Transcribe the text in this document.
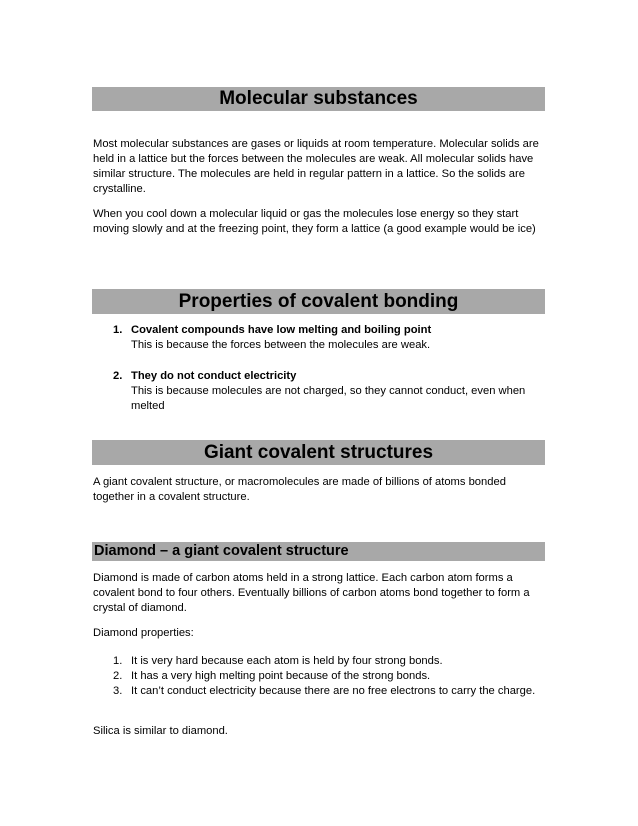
Molecular substances

Most molecular substances are gases or liquids at room temperature. Molecular solids are held in a lattice but the forces between the molecules are weak. All molecular solids have similar structure. The molecules are held in regular pattern in a lattice. So the solids are crystalline.

When you cool down a molecular liquid or gas the molecules lose energy so they start moving slowly and at the freezing point, they form a lattice (a good example would be ice)

Properties of covalent bonding
1. Covalent compounds have low melting and boiling point
This is because the forces between the molecules are weak.
2. They do not conduct electricity
This is because molecules are not charged, so they cannot conduct, even when melted
Giant covalent structures

A giant covalent structure, or macromolecules are made of billions of atoms bonded together in a covalent structure.

Diamond – a giant covalent structure

Diamond is made of carbon atoms held in a strong lattice. Each carbon atom forms a covalent bond to four others. Eventually billions of carbon atoms bond together to form a crystal of diamond.

Diamond properties:

1. It is very hard because each atom is held by four strong bonds.
2. It has a very high melting point because of the strong bonds.
3. It can’t conduct electricity because there are no free electrons to carry the charge.

Silica is similar to diamond.
